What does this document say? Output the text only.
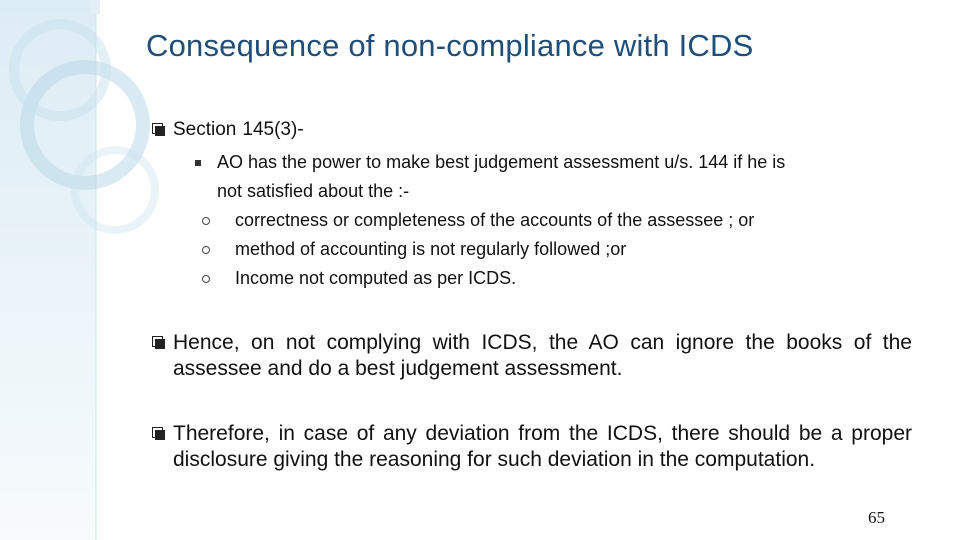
Consequence of non-compliance with ICDS
Section 145(3)-
AO has the power to make best judgement assessment u/s. 144 if he is
not satisfied about the :-
correctness or completeness of the accounts of the assessee ; or
method of accounting is not regularly followed ;or
Income not computed as per ICDS.
Hence, on not complying with ICDS, the AO can ignore the books of the assessee and do a best judgement assessment.
Therefore, in case of any deviation from the ICDS, there should be a proper disclosure giving the reasoning for such deviation in the computation.
65
